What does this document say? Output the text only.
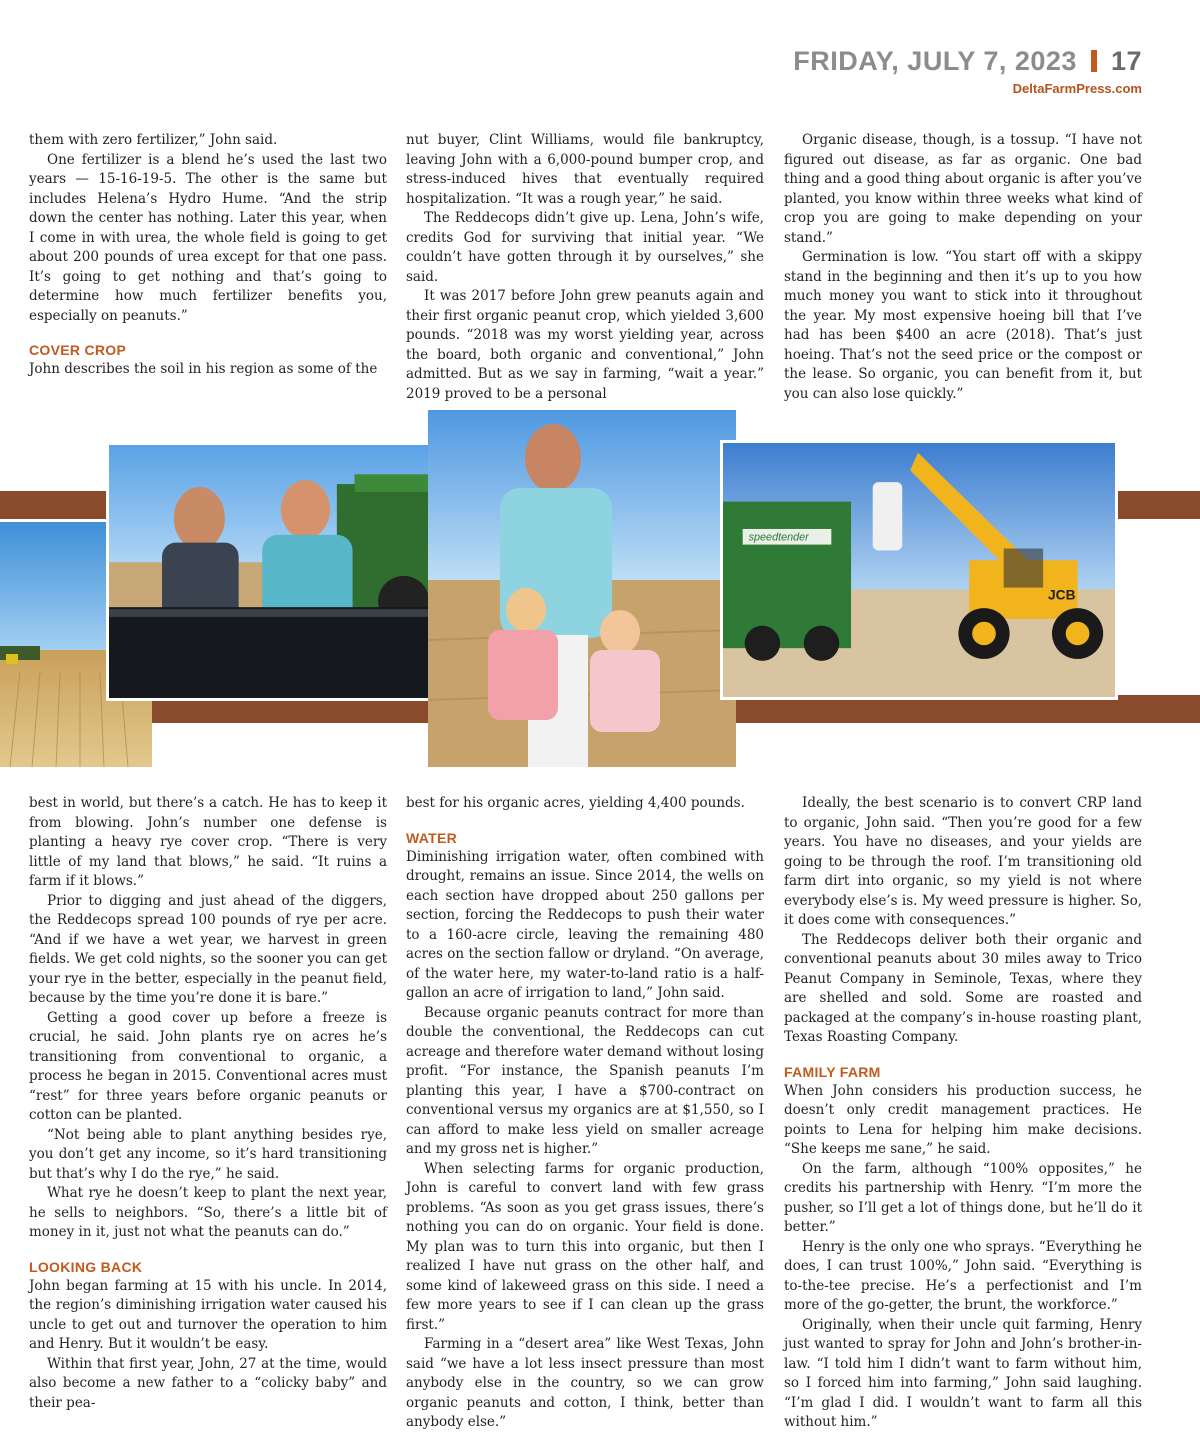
FRIDAY, JULY 7, 2023 17
DeltaFarmPress.com

them with zero fertilizer,” John said.

One fertilizer is a blend he’s used the last two years — 15-16-19-5. The other is the same but includes Helena’s Hydro Hume. “And the strip down the center has nothing. Later this year, when I come in with urea, the whole field is going to get about 200 pounds of urea except for that one pass. It’s going to get nothing and that’s going to determine how much fertilizer benefits you, especially on peanuts.”

COVER CROP

John describes the soil in his region as some of the

nut buyer, Clint Williams, would file bankruptcy, leaving John with a 6,000-pound bumper crop, and stress-induced hives that eventually required hospitalization. “It was a rough year,” he said.

The Reddecops didn’t give up. Lena, John’s wife, credits God for surviving that initial year. “We couldn’t have gotten through it by ourselves,” she said.

It was 2017 before John grew peanuts again and their first organic peanut crop, which yielded 3,600 pounds. “2018 was my worst yielding year, across the board, both organic and conventional,” John admitted. But as we say in farming, “wait a year.” 2019 proved to be a personal

Organic disease, though, is a tossup. “I have not figured out disease, as far as organic. One bad thing and a good thing about organic is after you’ve planted, you know within three weeks what kind of crop you are going to make depending on your stand.”

Germination is low. “You start off with a skippy stand in the beginning and then it’s up to you how much money you want to stick into it throughout the year. My most expensive hoeing bill that I’ve had has been $400 an acre (2018). That’s just hoeing. That’s not the seed price or the compost or the lease. So organic, you can benefit from it, but you can also lose quickly.”

speedtender
JCB

best in world, but there’s a catch. He has to keep it from blowing. John’s number one defense is planting a heavy rye cover crop. “There is very little of my land that blows,” he said. “It ruins a farm if it blows.”

Prior to digging and just ahead of the diggers, the Reddecops spread 100 pounds of rye per acre. “And if we have a wet year, we harvest in green fields. We get cold nights, so the sooner you can get your rye in the better, especially in the peanut field, because by the time you’re done it is bare.”

Getting a good cover up before a freeze is crucial, he said. John plants rye on acres he’s transitioning from conventional to organic, a process he began in 2015. Conventional acres must “rest” for three years before organic peanuts or cotton can be planted.

“Not being able to plant anything besides rye, you don’t get any income, so it’s hard transitioning but that’s why I do the rye,” he said.

What rye he doesn’t keep to plant the next year, he sells to neighbors. “So, there’s a little bit of money in it, just not what the peanuts can do.”

LOOKING BACK

John began farming at 15 with his uncle. In 2014, the region’s diminishing irrigation water caused his uncle to get out and turnover the operation to him and Henry. But it wouldn’t be easy.

Within that first year, John, 27 at the time, would also become a new father to a “colicky baby” and their pea-

best for his organic acres, yielding 4,400 pounds.

WATER

Diminishing irrigation water, often combined with drought, remains an issue. Since 2014, the wells on each section have dropped about 250 gallons per section, forcing the Reddecops to push their water to a 160-acre circle, leaving the remaining 480 acres on the section fallow or dryland. “On average, of the water here, my water-to-land ratio is a half-gallon an acre of irrigation to land,” John said.

Because organic peanuts contract for more than double the conventional, the Reddecops can cut acreage and therefore water demand without losing profit. “For instance, the Spanish peanuts I’m planting this year, I have a $700-contract on conventional versus my organics are at $1,550, so I can afford to make less yield on smaller acreage and my gross net is higher.”

When selecting farms for organic production, John is careful to convert land with few grass problems. “As soon as you get grass issues, there’s nothing you can do on organic. Your field is done. My plan was to turn this into organic, but then I realized I have nut grass on the other half, and some kind of lakeweed grass on this side. I need a few more years to see if I can clean up the grass first.”

Farming in a “desert area” like West Texas, John said “we have a lot less insect pressure than most anybody else in the country, so we can grow organic peanuts and cotton, I think, better than anybody else.”

Ideally, the best scenario is to convert CRP land to organic, John said. “Then you’re good for a few years. You have no diseases, and your yields are going to be through the roof. I’m transitioning old farm dirt into organic, so my yield is not where everybody else’s is. My weed pressure is higher. So, it does come with consequences.”

The Reddecops deliver both their organic and conventional peanuts about 30 miles away to Trico Peanut Company in Seminole, Texas, where they are shelled and sold. Some are roasted and packaged at the company’s in-house roasting plant, Texas Roasting Company.

FAMILY FARM

When John considers his production success, he doesn’t only credit management practices. He points to Lena for helping him make decisions. “She keeps me sane,” he said.

On the farm, although “100% opposites,” he credits his partnership with Henry. “I’m more the pusher, so I’ll get a lot of things done, but he’ll do it better.”

Henry is the only one who sprays. “Everything he does, I can trust 100%,” John said. “Everything is to-the-tee precise. He’s a perfectionist and I’m more of the go-getter, the brunt, the workforce.”

Originally, when their uncle quit farming, Henry just wanted to spray for John and John’s brother-in-law. “I told him I didn’t want to farm without him, so I forced him into farming,” John said laughing. “I’m glad I did. I wouldn’t want to farm all this without him.”
